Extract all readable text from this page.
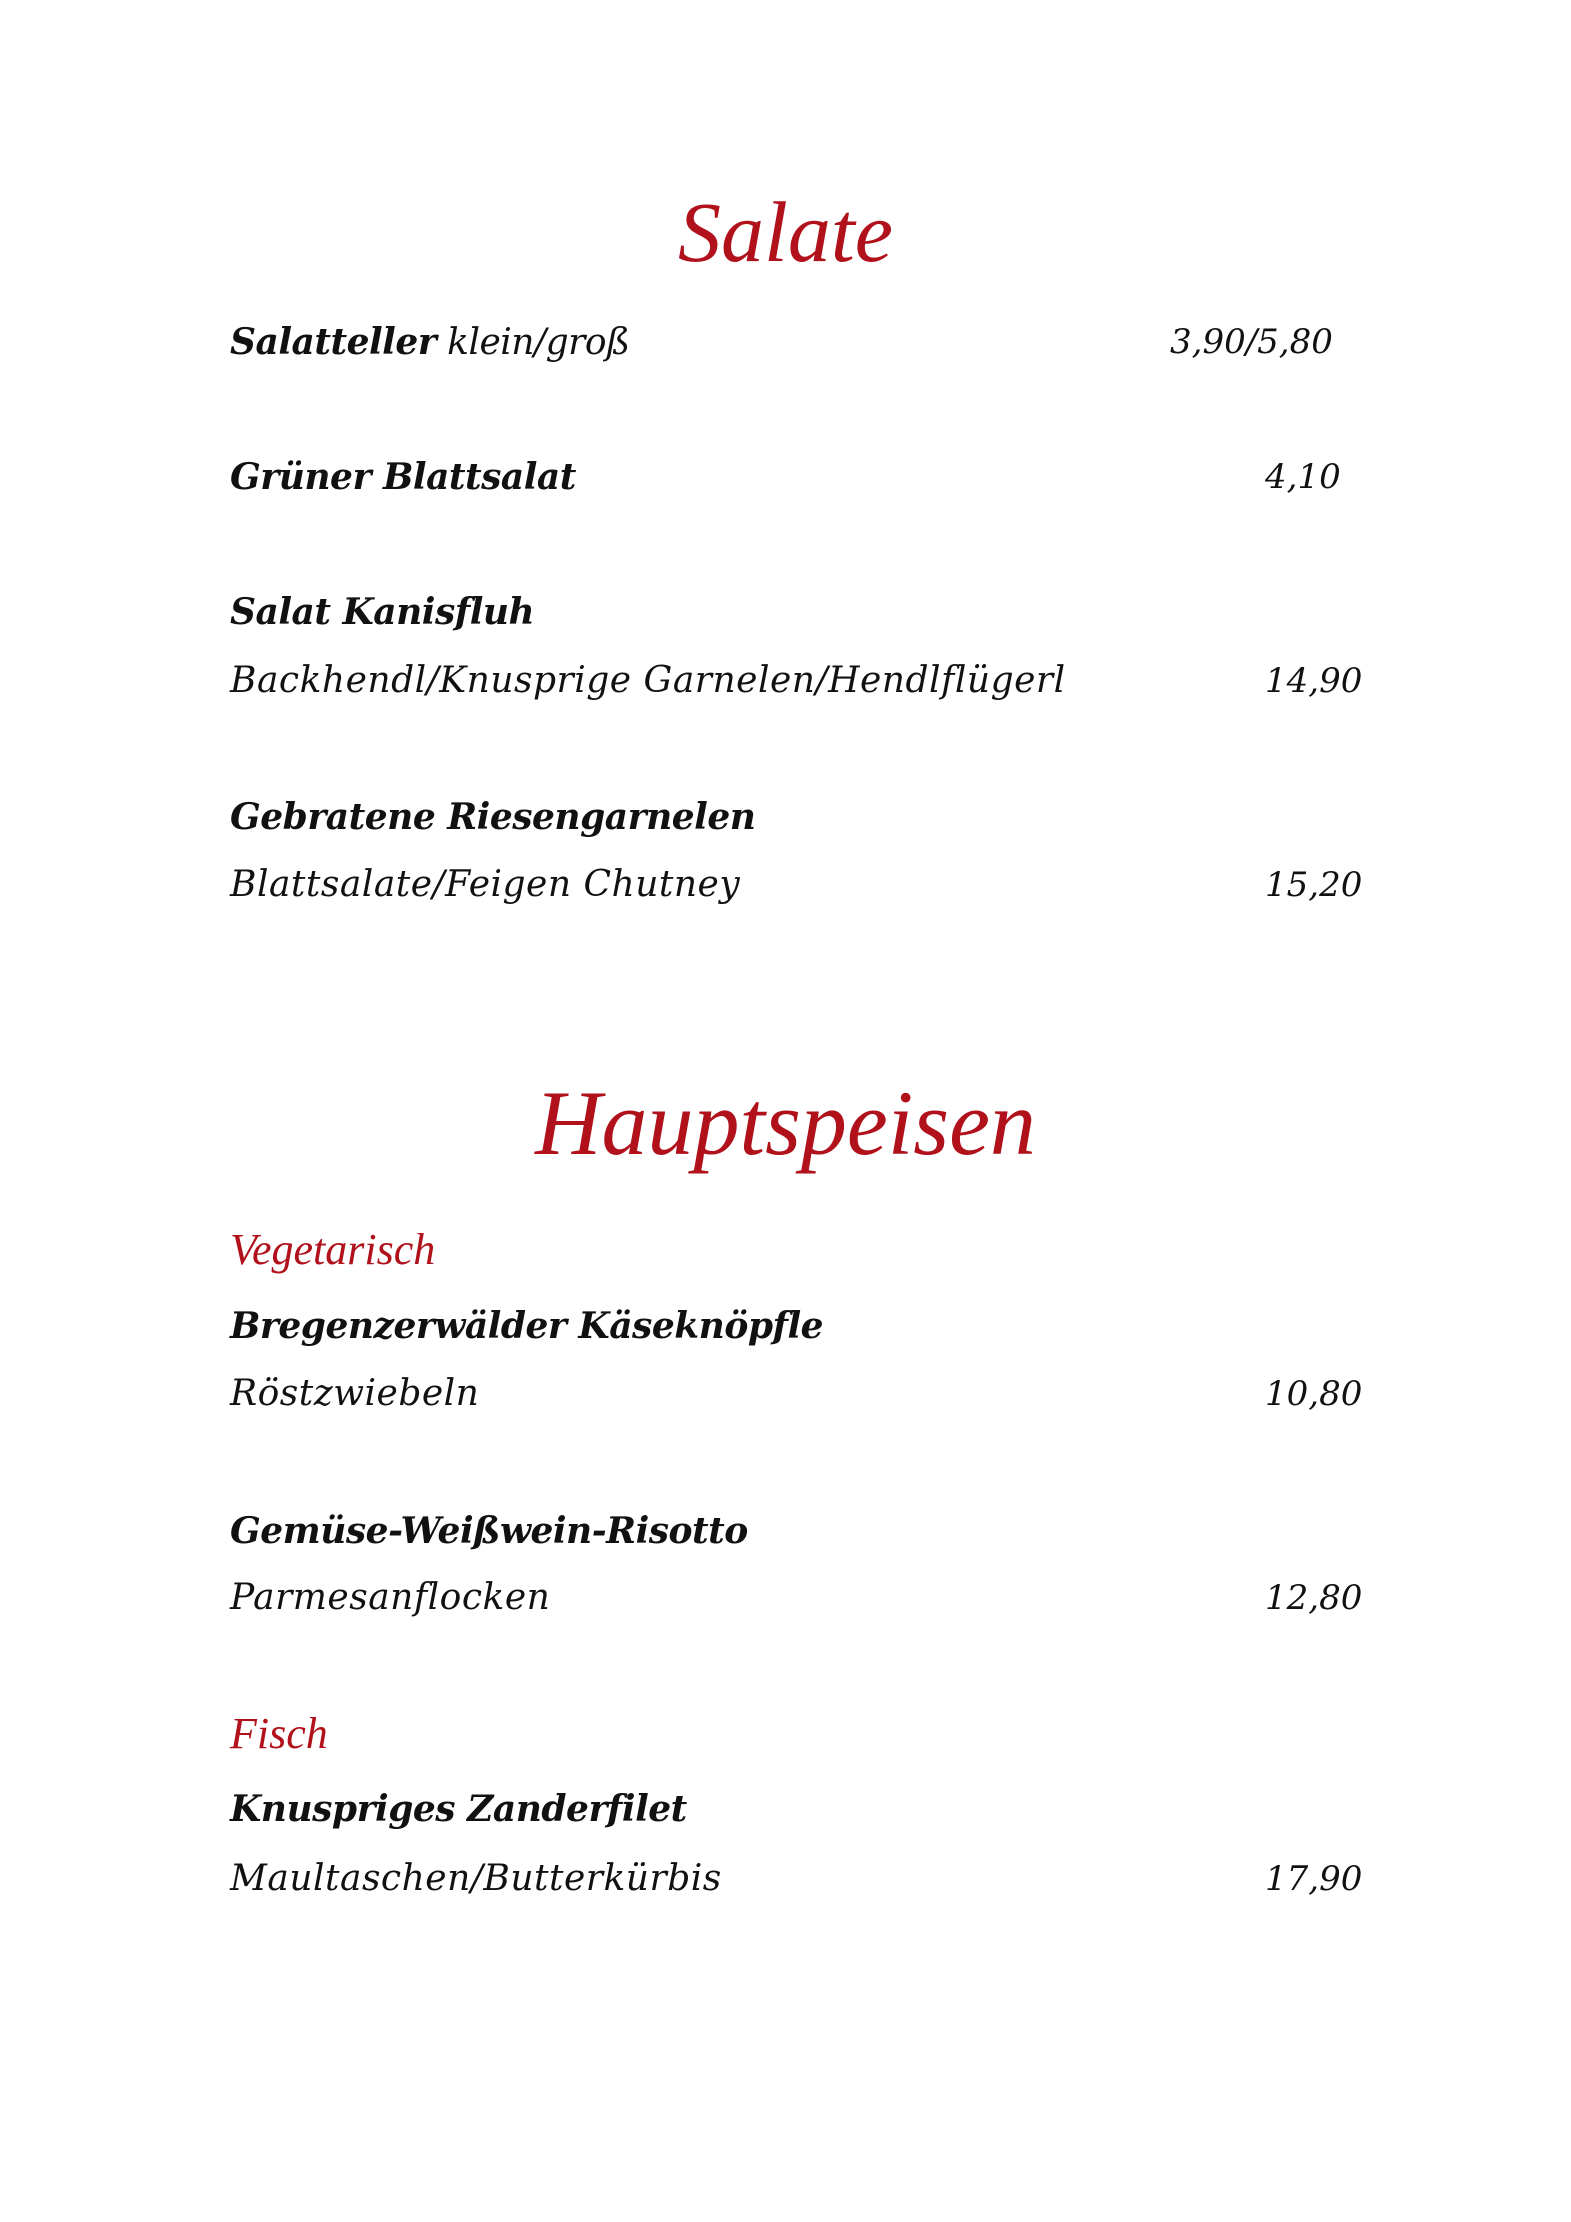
Salate
Salatteller klein/groß	3,90/5,80
Grüner Blattsalat	4,10
Salat Kanisfluh
Backhendl/Knusprige Garnelen/Hendlflügerl	14,90
Gebratene Riesengarnelen
Blattsalate/Feigen Chutney	15,20
Hauptspeisen
Vegetarisch
Bregenzerwälder Käseknöpfle
Röstzwiebeln	10,80
Gemüse-Weißwein-Risotto
Parmesanflocken	12,80
Fisch
Knuspriges Zanderfilet
Maultaschen/Butterkürbis	17,90
